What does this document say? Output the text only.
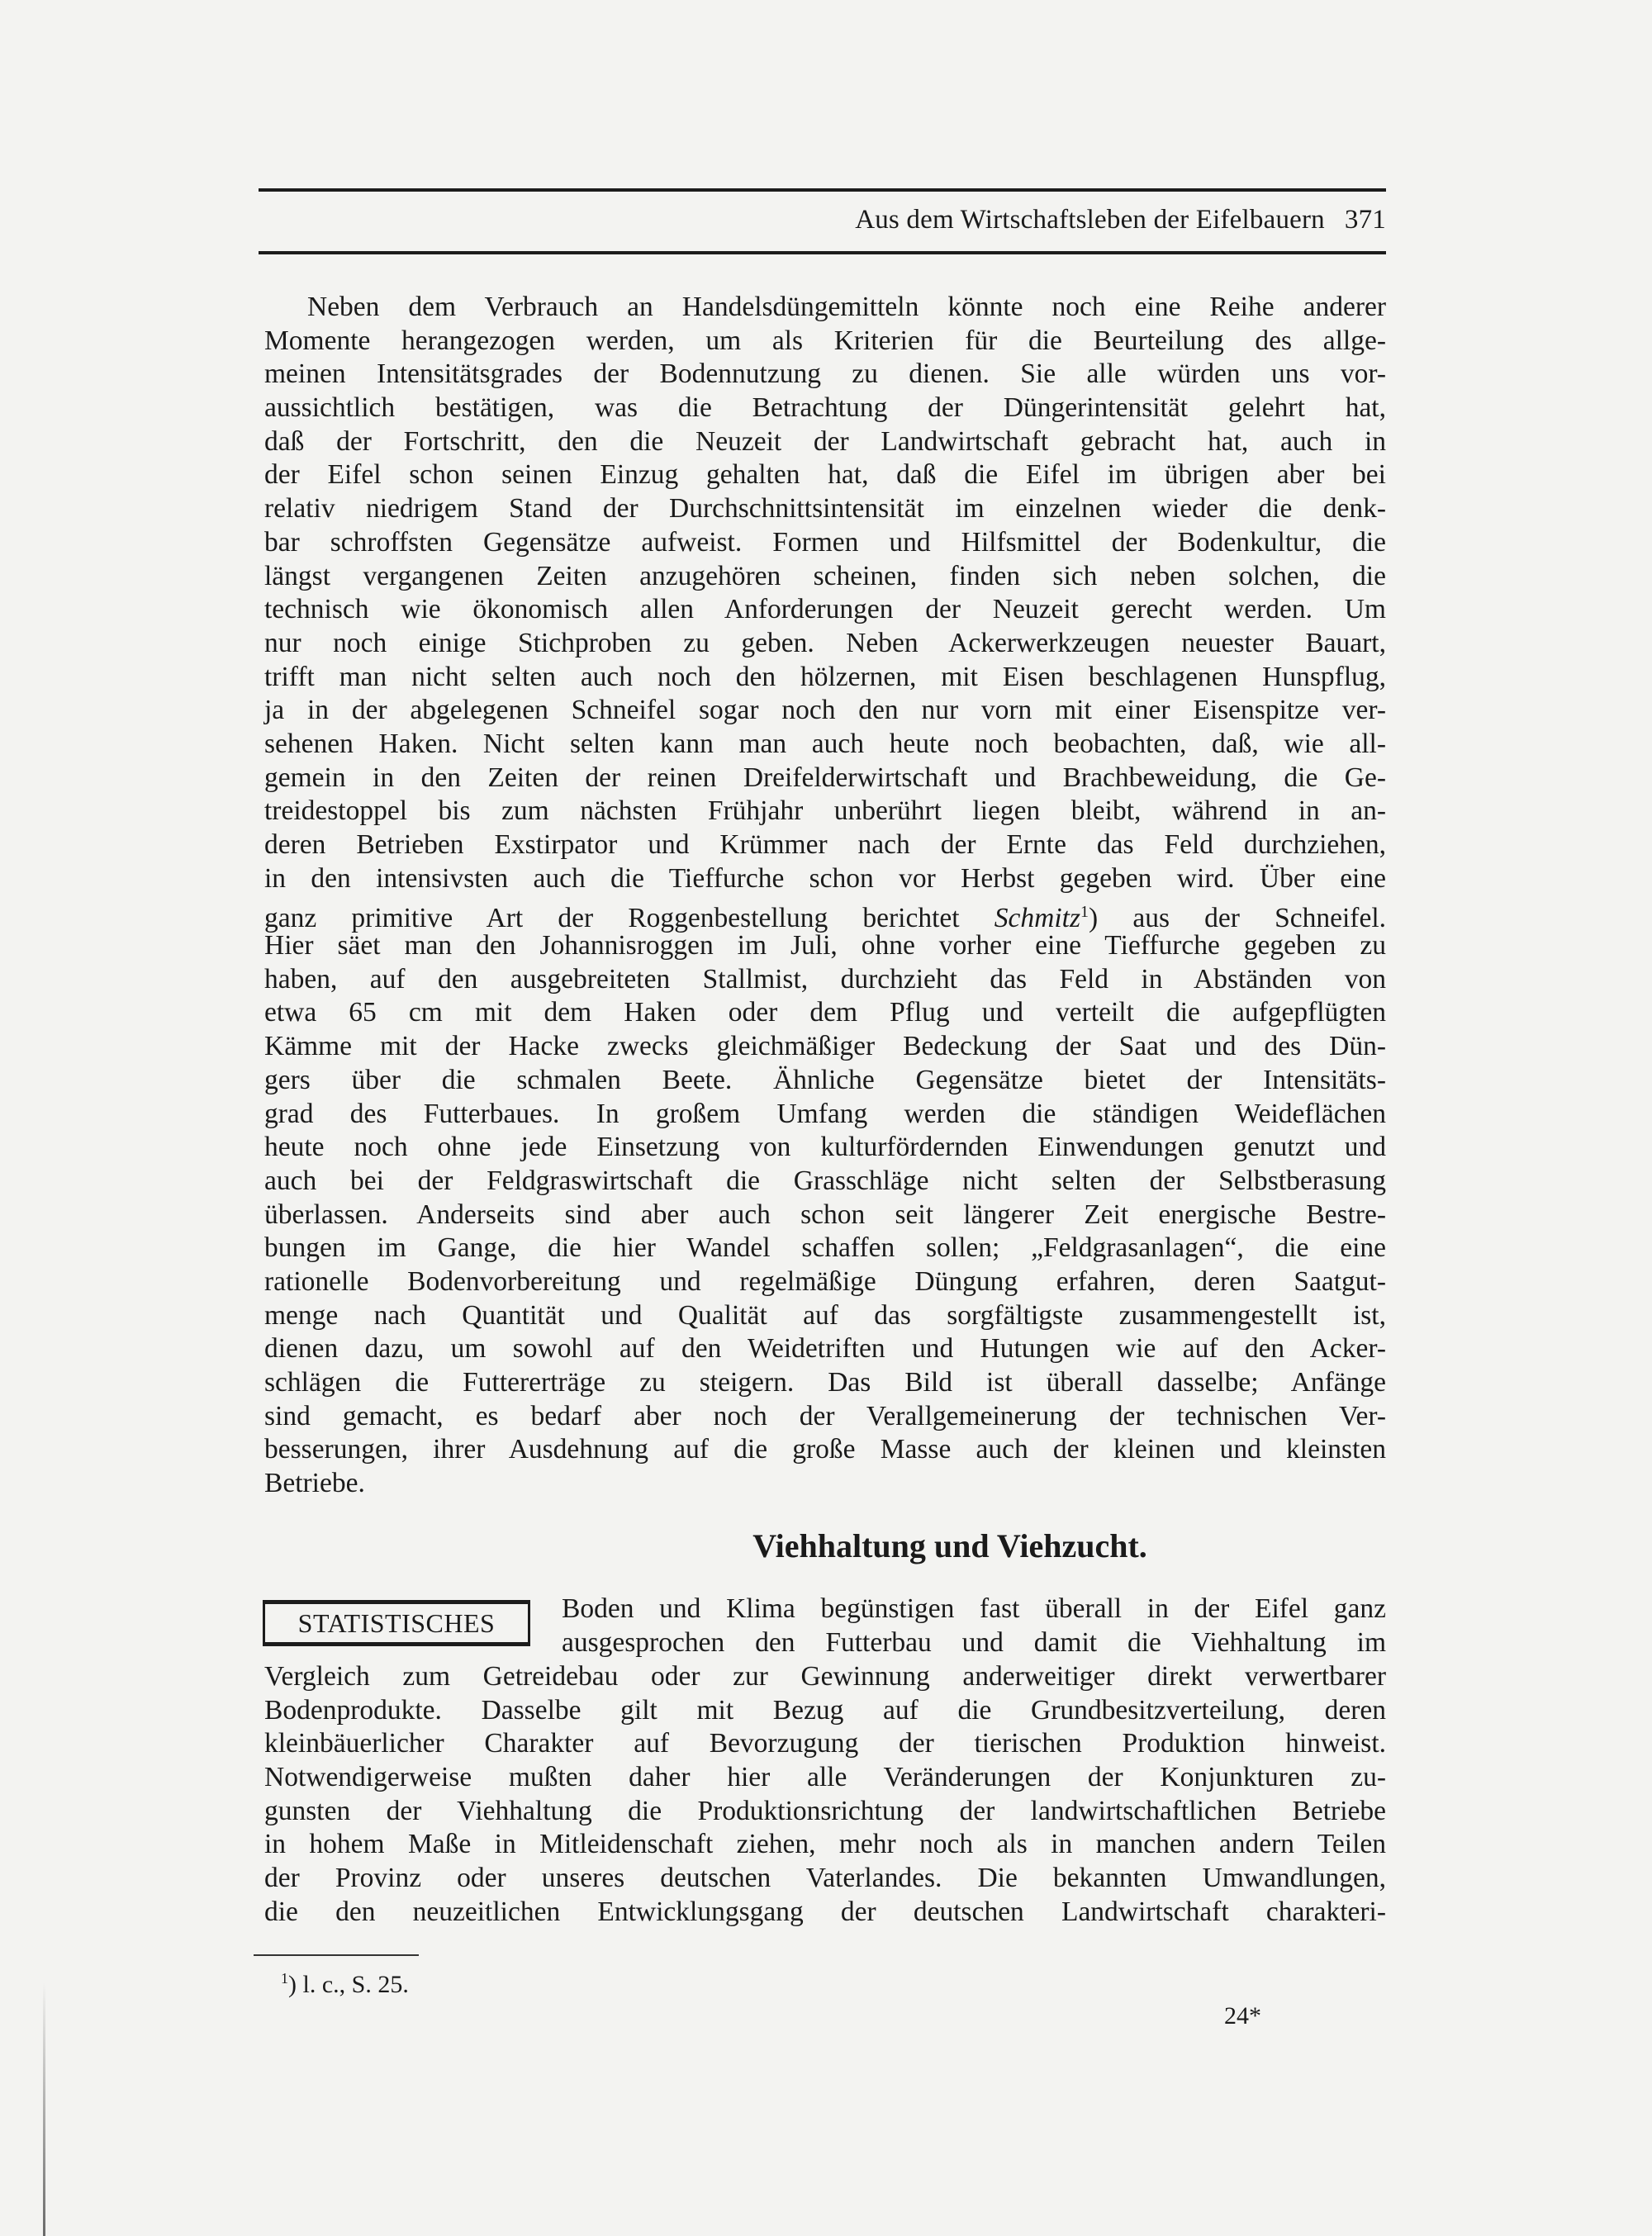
Aus dem Wirtschaftsleben der Eifelbauern 371
Neben dem Verbrauch an Handelsdüngemitteln könnte noch eine Reihe anderer
Momente herangezogen werden, um als Kriterien für die Beurteilung des allge-
meinen Intensitätsgrades der Bodennutzung zu dienen. Sie alle würden uns vor-
aussichtlich bestätigen, was die Betrachtung der Düngerintensität gelehrt hat,
daß der Fortschritt, den die Neuzeit der Landwirtschaft gebracht hat, auch in
der Eifel schon seinen Einzug gehalten hat, daß die Eifel im übrigen aber bei
relativ niedrigem Stand der Durchschnittsintensität im einzelnen wieder die denk-
bar schroffsten Gegensätze aufweist. Formen und Hilfsmittel der Bodenkultur, die
längst vergangenen Zeiten anzugehören scheinen, finden sich neben solchen, die
technisch wie ökonomisch allen Anforderungen der Neuzeit gerecht werden. Um
nur noch einige Stichproben zu geben. Neben Ackerwerkzeugen neuester Bauart,
trifft man nicht selten auch noch den hölzernen, mit Eisen beschlagenen Hunspflug,
ja in der abgelegenen Schneifel sogar noch den nur vorn mit einer Eisenspitze ver-
sehenen Haken. Nicht selten kann man auch heute noch beobachten, daß, wie all-
gemein in den Zeiten der reinen Dreifelderwirtschaft und Brachbeweidung, die Ge-
treidestoppel bis zum nächsten Frühjahr unberührt liegen bleibt, während in an-
deren Betrieben Exstirpator und Krümmer nach der Ernte das Feld durchziehen,
in den intensivsten auch die Tieffurche schon vor Herbst gegeben wird. Über eine
ganz primitive Art der Roggenbestellung berichtet Schmitz$^1$) aus der Schneifel.
Hier säet man den Johannisroggen im Juli, ohne vorher eine Tieffurche gegeben zu
haben, auf den ausgebreiteten Stallmist, durchzieht das Feld in Abständen von
etwa 65 cm mit dem Haken oder dem Pflug und verteilt die aufgepflügten
Kämme mit der Hacke zwecks gleichmäßiger Bedeckung der Saat und des Dün-
gers über die schmalen Beete. Ähnliche Gegensätze bietet der Intensitäts-
grad des Futterbaues. In großem Umfang werden die ständigen Weideflächen
heute noch ohne jede Einsetzung von kulturfördernden Einwendungen genutzt und
auch bei der Feldgraswirtschaft die Grasschläge nicht selten der Selbstberasung
überlassen. Anderseits sind aber auch schon seit längerer Zeit energische Bestre-
bungen im Gange, die hier Wandel schaffen sollen; „Feldgrasanlagen“, die eine
rationelle Bodenvorbereitung und regelmäßige Düngung erfahren, deren Saatgut-
menge nach Quantität und Qualität auf das sorgfältigste zusammengestellt ist,
dienen dazu, um sowohl auf den Weidetriften und Hutungen wie auf den Acker-
schlägen die Futtererträge zu steigern. Das Bild ist überall dasselbe; Anfänge
sind gemacht, es bedarf aber noch der Verallgemeinerung der technischen Ver-
besserungen, ihrer Ausdehnung auf die große Masse auch der kleinen und kleinsten
Betriebe.
Viehhaltung und Viehzucht.
STATISTISCHES	Boden und Klima begünstigen fast überall in der Eifel ganz
ausgesprochen den Futterbau und damit die Viehhaltung im
Vergleich zum Getreidebau oder zur Gewinnung anderweitiger direkt verwertbarer
Bodenprodukte. Dasselbe gilt mit Bezug auf die Grundbesitzverteilung, deren
kleinbäuerlicher Charakter auf Bevorzugung der tierischen Produktion hinweist.
Notwendigerweise mußten daher hier alle Veränderungen der Konjunkturen zu-
gunsten der Viehhaltung die Produktionsrichtung der landwirtschaftlichen Betriebe
in hohem Maße in Mitleidenschaft ziehen, mehr noch als in manchen andern Teilen
der Provinz oder unseres deutschen Vaterlandes. Die bekannten Umwandlungen,
die den neuzeitlichen Entwicklungsgang der deutschen Landwirtschaft charakteri-
$^1$) l. c., S. 25.
24*
